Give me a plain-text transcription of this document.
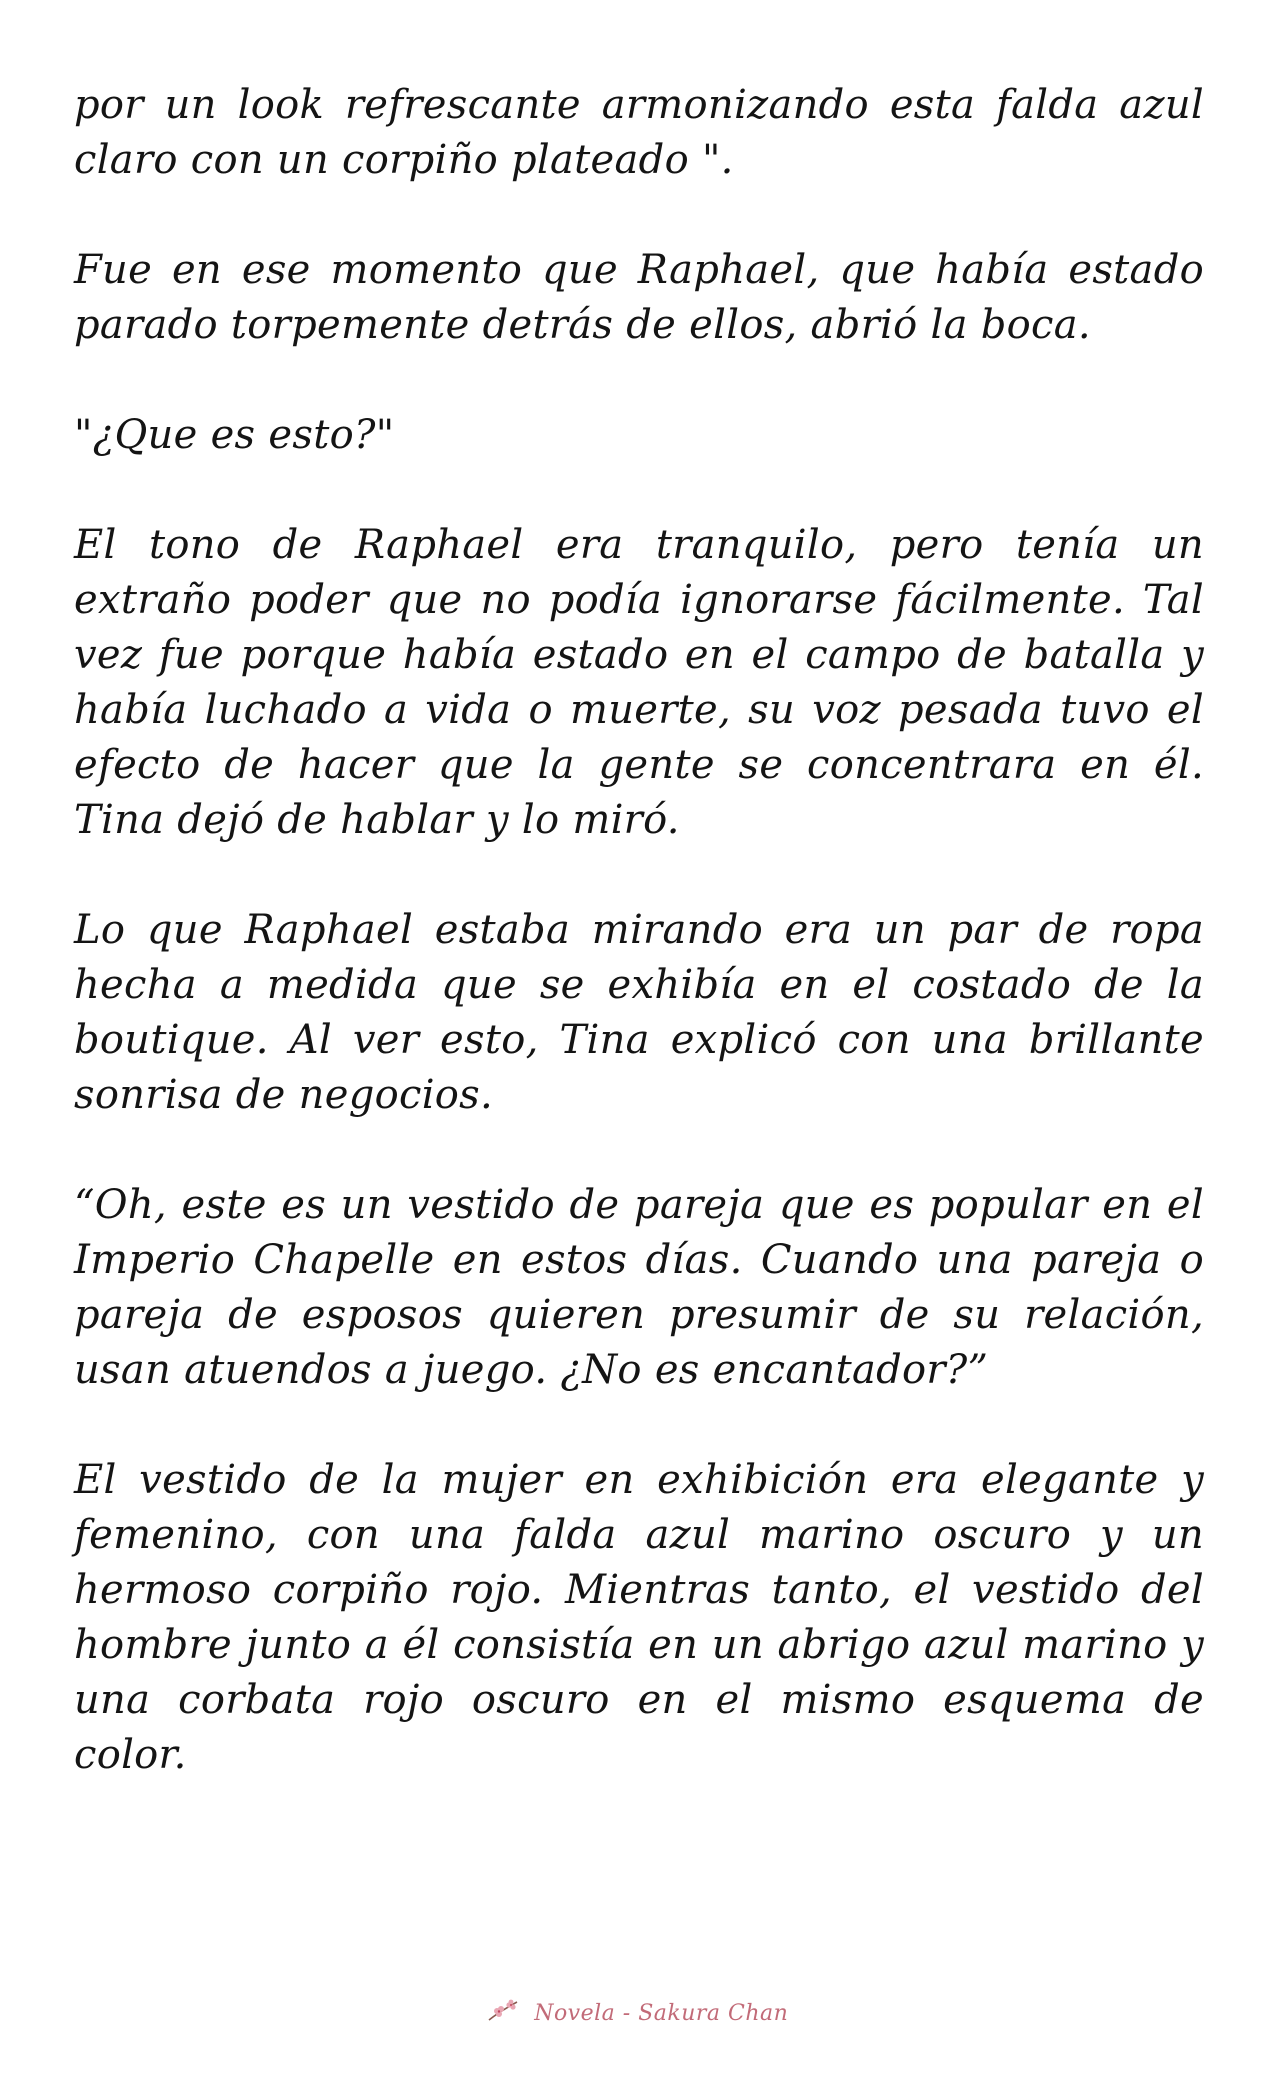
por un look refrescante armonizando esta falda azul claro con un corpiño plateado ".

Fue en ese momento que Raphael, que había estado parado torpemente detrás de ellos, abrió la boca.

"¿Que es esto?"

El tono de Raphael era tranquilo, pero tenía un extraño poder que no podía ignorarse fácilmente. Tal vez fue porque había estado en el campo de batalla y había luchado a vida o muerte, su voz pesada tuvo el efecto de hacer que la gente se concentrara en él. Tina dejó de hablar y lo miró.

Lo que Raphael estaba mirando era un par de ropa hecha a medida que se exhibía en el costado de la boutique. Al ver esto, Tina explicó con una brillante sonrisa de negocios.

“Oh, este es un vestido de pareja que es popular en el Imperio Chapelle en estos días. Cuando una pareja o pareja de esposos quieren presumir de su relación, usan atuendos a juego. ¿No es encantador?”

El vestido de la mujer en exhibición era elegante y femenino, con una falda azul marino oscuro y un hermoso corpiño rojo. Mientras tanto, el vestido del hombre junto a él consistía en un abrigo azul marino y una corbata rojo oscuro en el mismo esquema de color.

Novela - Sakura Chan
